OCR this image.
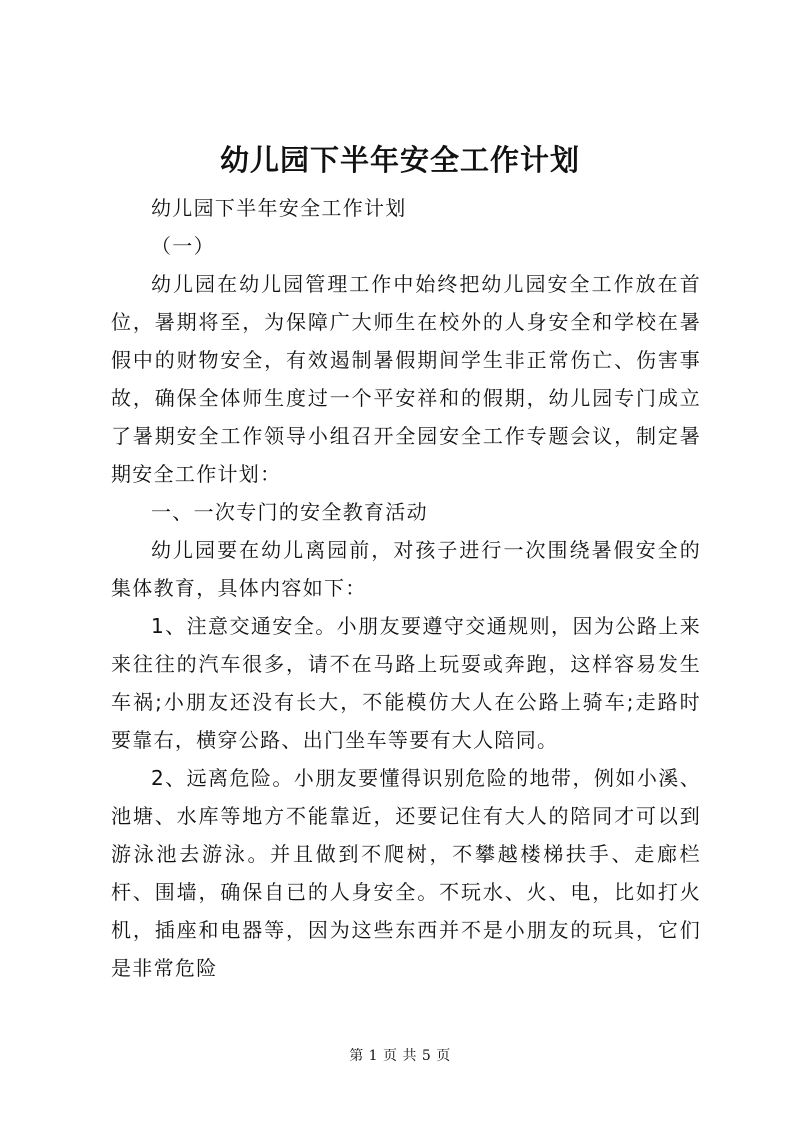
幼儿园下半年安全工作计划

幼儿园下半年安全工作计划

（一）

幼儿园在幼儿园管理工作中始终把幼儿园安全工作放在首位，暑期将至，为保障广大师生在校外的人身安全和学校在暑假中的财物安全，有效遏制暑假期间学生非正常伤亡、伤害事故，确保全体师生度过一个平安祥和的假期，幼儿园专门成立了暑期安全工作领导小组召开全园安全工作专题会议，制定暑期安全工作计划：

一、一次专门的安全教育活动

幼儿园要在幼儿离园前，对孩子进行一次围绕暑假安全的集体教育，具体内容如下：

1、注意交通安全。小朋友要遵守交通规则，因为公路上来来往往的汽车很多，请不在马路上玩耍或奔跑，这样容易发生车祸;小朋友还没有长大，不能模仿大人在公路上骑车;走路时要靠右，横穿公路、出门坐车等要有大人陪同。

2、远离危险。小朋友要懂得识别危险的地带，例如小溪、池塘、水库等地方不能靠近，还要记住有大人的陪同才可以到游泳池去游泳。并且做到不爬树，不攀越楼梯扶手、走廊栏杆、围墙，确保自已的人身安全。不玩水、火、电，比如打火机，插座和电器等，因为这些东西并不是小朋友的玩具，它们是非常危险

第 1 页 共 5 页
